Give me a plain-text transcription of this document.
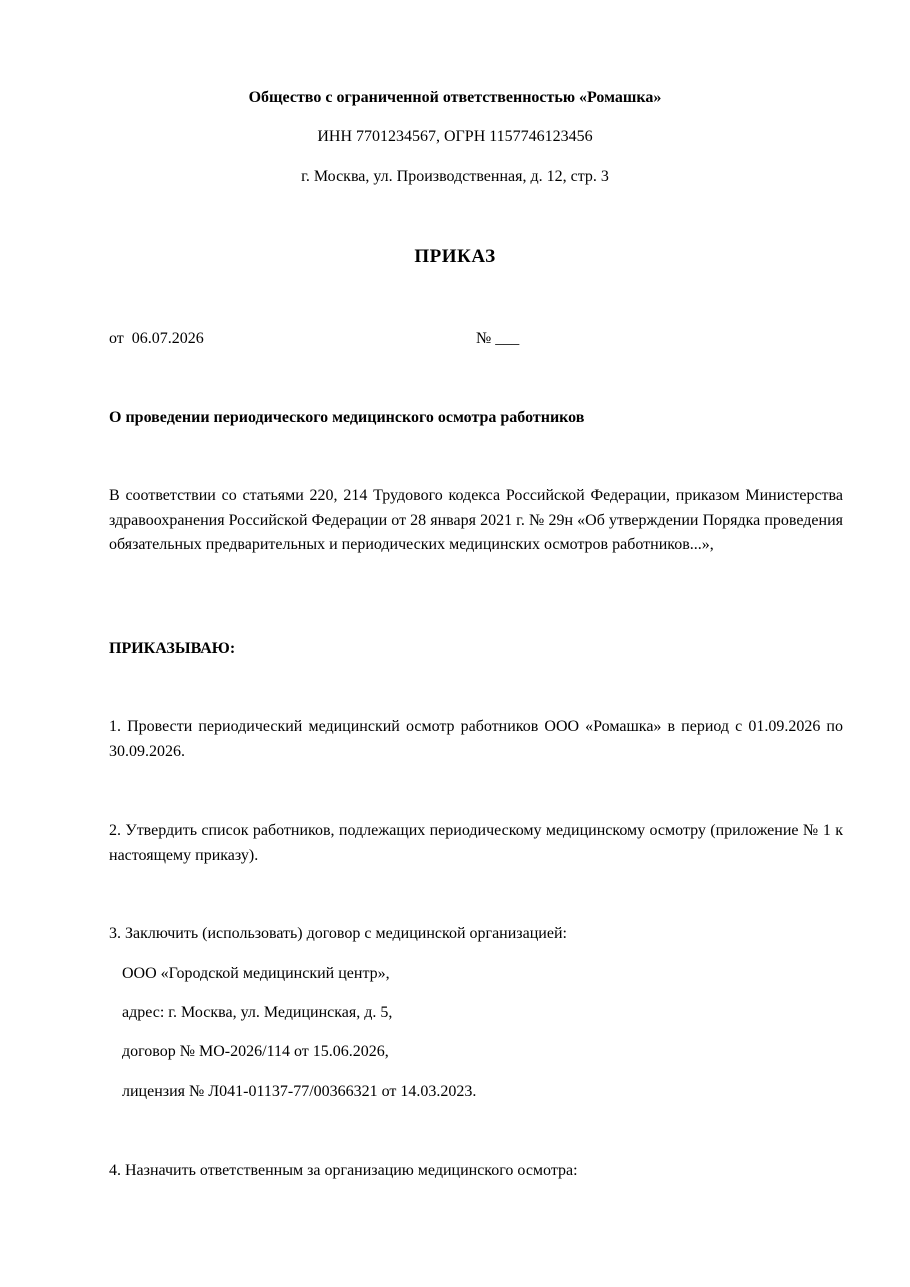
Общество с ограниченной ответственностью «Ромашка»
ИНН 7701234567, ОГРН 1157746123456
г. Москва, ул. Производственная, д. 12, стр. 3
ПРИКАЗ
от 06.07.2026	№ ___
О проведении периодического медицинского осмотра работников
В соответствии со статьями 220, 214 Трудового кодекса Российской Федерации, приказом Министерства здравоохранения Российской Федерации от 28 января 2021 г. № 29н «Об утверждении Порядка проведения обязательных предварительных и периодических медицинских осмотров работников...»,
ПРИКАЗЫВАЮ:
1. Провести периодический медицинский осмотр работников ООО «Ромашка» в период с 01.09.2026 по 30.09.2026.
2. Утвердить список работников, подлежащих периодическому медицинскому осмотру (приложение № 1 к настоящему приказу).
3. Заключить (использовать) договор с медицинской организацией:
ООО «Городской медицинский центр»,
адрес: г. Москва, ул. Медицинская, д. 5,
договор № МО-2026/114 от 15.06.2026,
лицензия № Л041-01137-77/00366321 от 14.03.2023.
4. Назначить ответственным за организацию медицинского осмотра:
